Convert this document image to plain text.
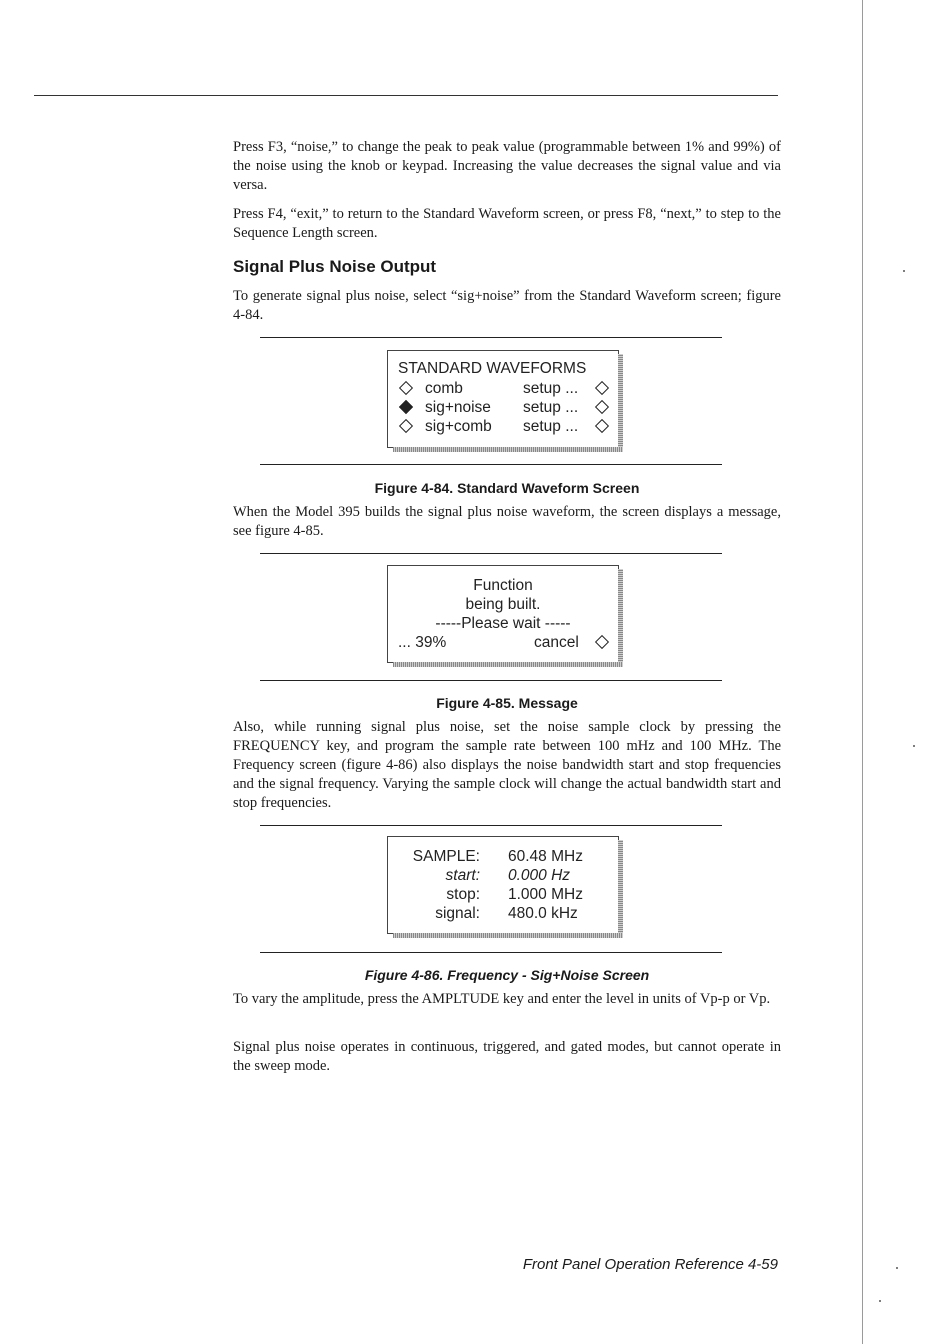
Press F3, “noise,” to change the peak to peak value (programmable between 1% and 99%) of the noise using the knob or keypad. Increasing the value decreases the signal value and via versa.

Press F4, “exit,” to return to the Standard Waveform screen, or press F8, “next,” to step to the Sequence Length screen.

Signal Plus Noise Output

To generate signal plus noise, select “sig+noise” from the Standard Waveform screen; figure 4-84.

STANDARD WAVEFORMS
comb	setup ...
sig+noise setup ...
sig+comb setup ...

Figure 4-84. Standard Waveform Screen

When the Model 395 builds the signal plus noise waveform, the screen displays a message, see figure 4-85.

Function
being built.
-----Please wait -----
... 39%	cancel

Figure 4-85. Message

Also, while running signal plus noise, set the noise sample clock by pressing the FREQUENCY key, and program the sample rate between 100 mHz and 100 MHz. The Frequency screen (figure 4-86) also displays the noise bandwidth start and stop frequencies and the signal frequency. Varying the sample clock will change the actual bandwidth start and stop frequencies.

SAMPLE: 60.48 MHz
start: 0.000 Hz
stop: 1.000 MHz
signal: 480.0 kHz

Figure 4-86. Frequency - Sig+Noise Screen

To vary the amplitude, press the AMPLTUDE key and enter the level in units of Vp-p or Vp.

Signal plus noise operates in continuous, triggered, and gated modes, but cannot operate in the sweep mode.

Front Panel Operation Reference 4-59
